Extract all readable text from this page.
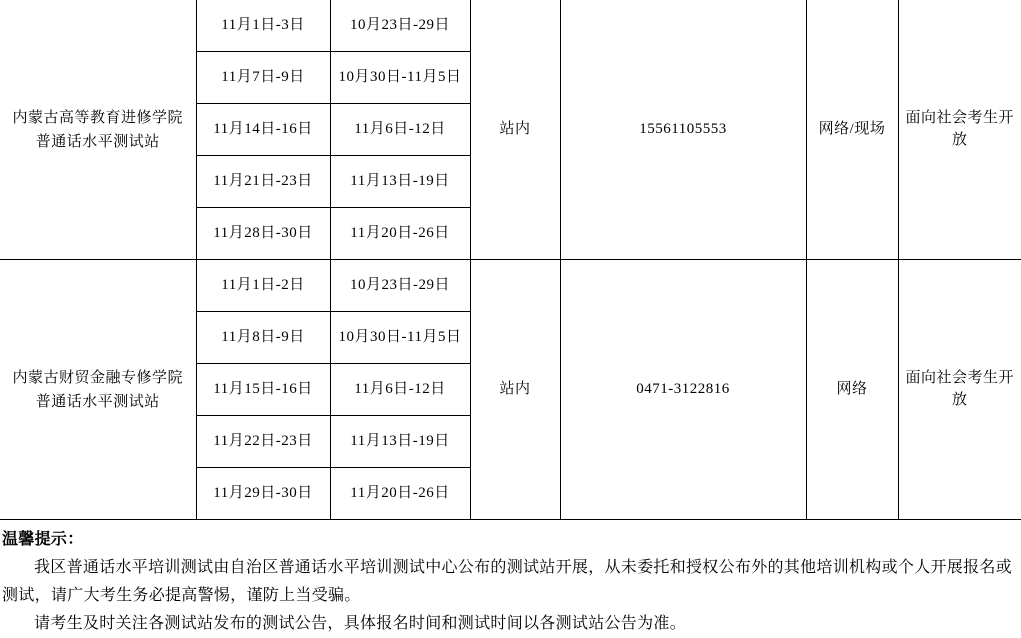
内蒙古高等教育进修学院
普通话水平测试站	11月1日-3日	10月23日-29日	站内	15561105553	网络/现场	面向社会考生开放
	11月7日-9日	10月30日-11月5日				
	11月14日-16日	11月6日-12日				
	11月21日-23日	11月13日-19日				
	11月28日-30日	11月20日-26日				

内蒙古财贸金融专修学院
普通话水平测试站	11月1日-2日	10月23日-29日	站内	0471-3122816	网络	面向社会考生开放
	11月8日-9日	10月30日-11月5日				
	11月15日-16日	11月6日-12日				
	11月22日-23日	11月13日-19日				
	11月29日-30日	11月20日-26日				

温馨提示：

我区普通话水平培训测试由自治区普通话水平培训测试中心公布的测试站开展，从未委托和授权公布外的其他培训机构或个人开展报名或测试，请广大考生务必提高警惕，谨防上当受骗。

请考生及时关注各测试站发布的测试公告，具体报名时间和测试时间以各测试站公告为准。
